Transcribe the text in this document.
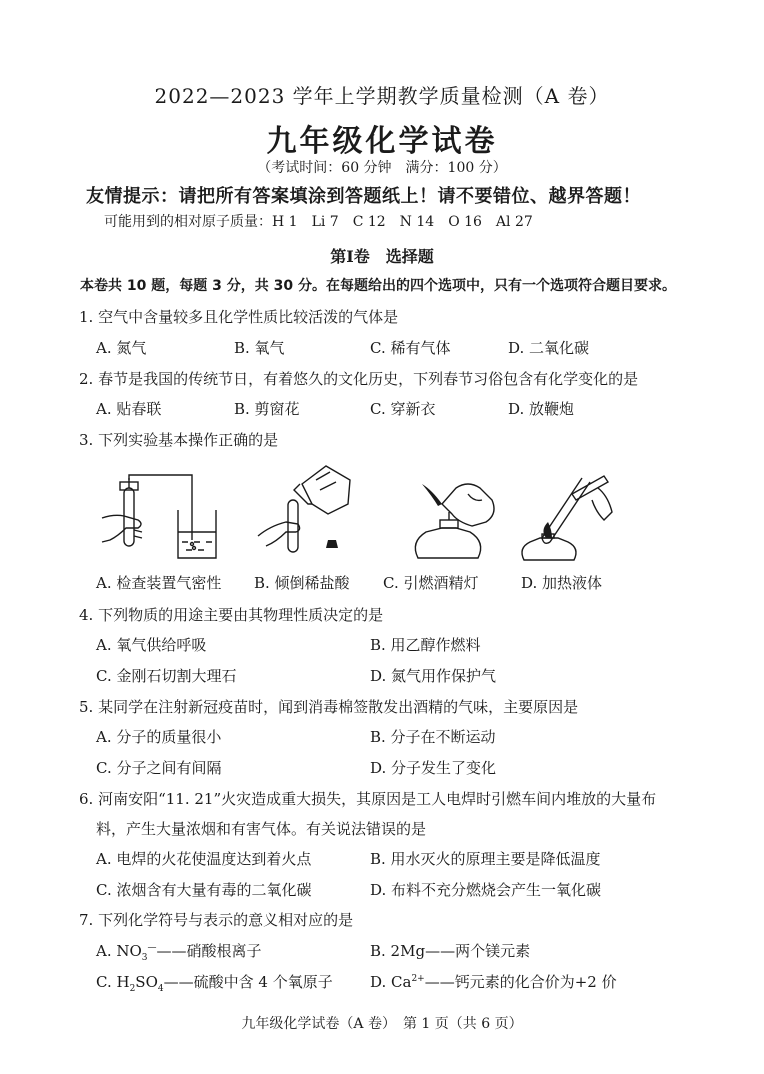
2022—2023 学年上学期教学质量检测（A 卷）
九年级化学试卷
（考试时间：60 分钟　满分：100 分）
友情提示：请把所有答案填涂到答题纸上！请不要错位、越界答题！
可能用到的相对原子质量：H 1　Li 7　C 12　N 14　O 16　Al 27
第Ⅰ卷　选择题
本卷共 10 题，每题 3 分，共 30 分。在每题给出的四个选项中，只有一个选项符合题目要求。
1. 空气中含量较多且化学性质比较活泼的气体是
A. 氮气	B. 氧气	C. 稀有气体	D. 二氧化碳
2. 春节是我国的传统节日，有着悠久的文化历史，下列春节习俗包含有化学变化的是
A. 贴春联	B. 剪窗花	C. 穿新衣	D. 放鞭炮
3. 下列实验基本操作正确的是
A. 检查装置气密性 B. 倾倒稀盐酸 C. 引燃酒精灯	D. 加热液体
4. 下列物质的用途主要由其物理性质决定的是
A. 氧气供给呼吸	B. 用乙醇作燃料
C. 金刚石切割大理石	D. 氮气用作保护气
5. 某同学在注射新冠疫苗时，闻到消毒棉签散发出酒精的气味，主要原因是
A. 分子的质量很小	B. 分子在不断运动
C. 分子之间有间隔	D. 分子发生了变化
6. 河南安阳“11. 21”火灾造成重大损失，其原因是工人电焊时引燃车间内堆放的大量布
料，产生大量浓烟和有害气体。有关说法错误的是
A. 电焊的火花使温度达到着火点	B. 用水灭火的原理主要是降低温度
C. 浓烟含有大量有毒的二氧化碳	D. 布料不充分燃烧会产生一氧化碳
7. 下列化学符号与表示的意义相对应的是
A. $NO_3^———$硝酸根离子	B. 2Mg——两个镁元素
C. $H_2SO_4——$硫酸中含 4 个氧原子 D. $Ca^{2+}——$钙元素的化合价为+2 价
九年级化学试卷（A 卷）　第 1 页（共 6 页）
